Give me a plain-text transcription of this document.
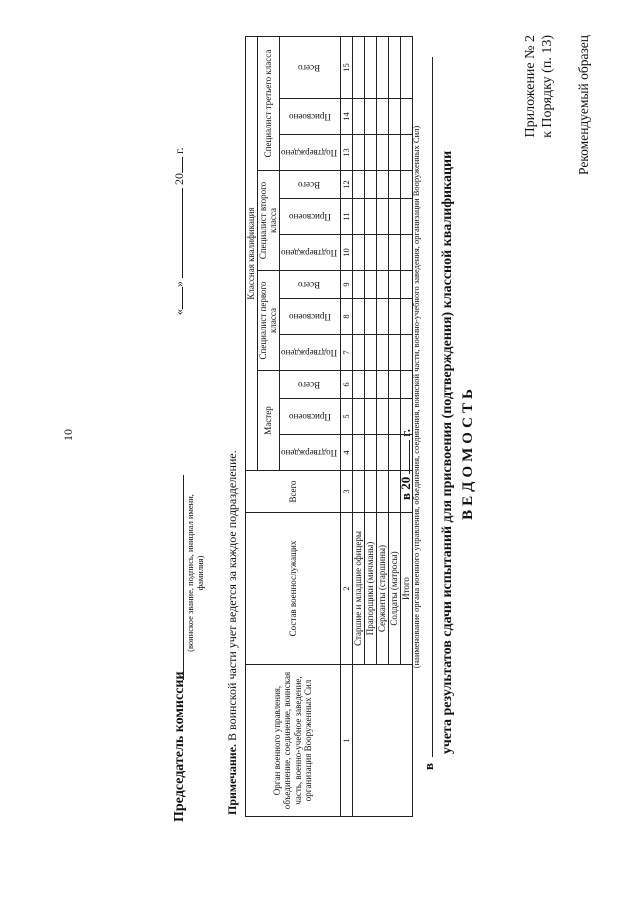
10
Приложение № 2 к Порядку (п. 13) Рекомендуемый образец
ВЕДОМОСТЬ
учета результатов сдачи испытаний для присвоения (подтверждения) классной квалификации
в
(наименование органа военного управления, объединения, соединения, воинской части, военно-учебного заведения, организации Вооруженных Сил)
в 20г.
Орган военного управления, объединение, соединение, воинская часть, военно-учебное заведение, организация Вооруженных Сил	Состав военнослужащих	Всего	Классная квалификация											
			Мастер			Специалист первого класса			Специалист второго класса			Специалист третьего класса		

			Подтверждено	Присвоено	Всего	Подтверждено	Присвоено	Всего	Подтверждено	Присвоено	Всего	Подтверждено	Присвоено	Всего

1	2	3	4	5	6	7	8	9	10	11	12	13	14	15
	Старшие и младшие офицеры													
	Прапорщики (мичманы)													
	Сержанты (старшины)													
	Солдаты (матросы)													
	Итого													
Примечание. В воинской части учет ведется за каждое подразделение.
Председатель комиссии
(воинское звание, подпись, инициал имени, фамилия)
«»  20 г.
